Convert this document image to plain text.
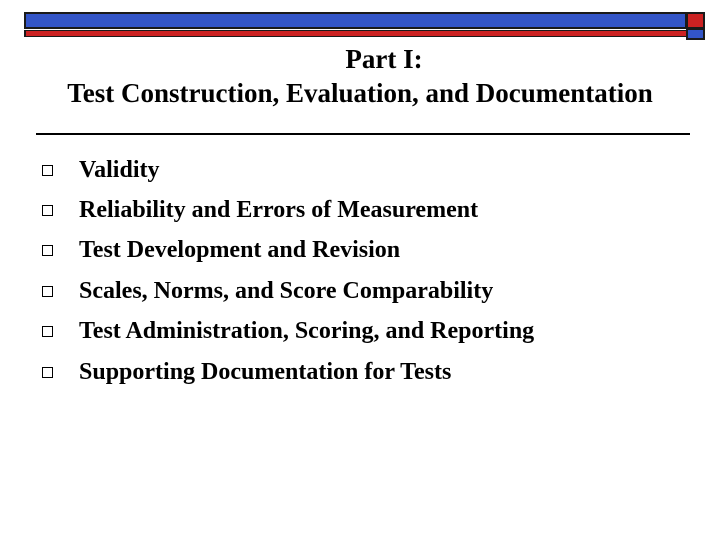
Part I:
Test Construction, Evaluation, and Documentation
Validity
Reliability and Errors of Measurement
Test Development and Revision
Scales, Norms, and Score Comparability
Test Administration, Scoring, and Reporting
Supporting Documentation for Tests
